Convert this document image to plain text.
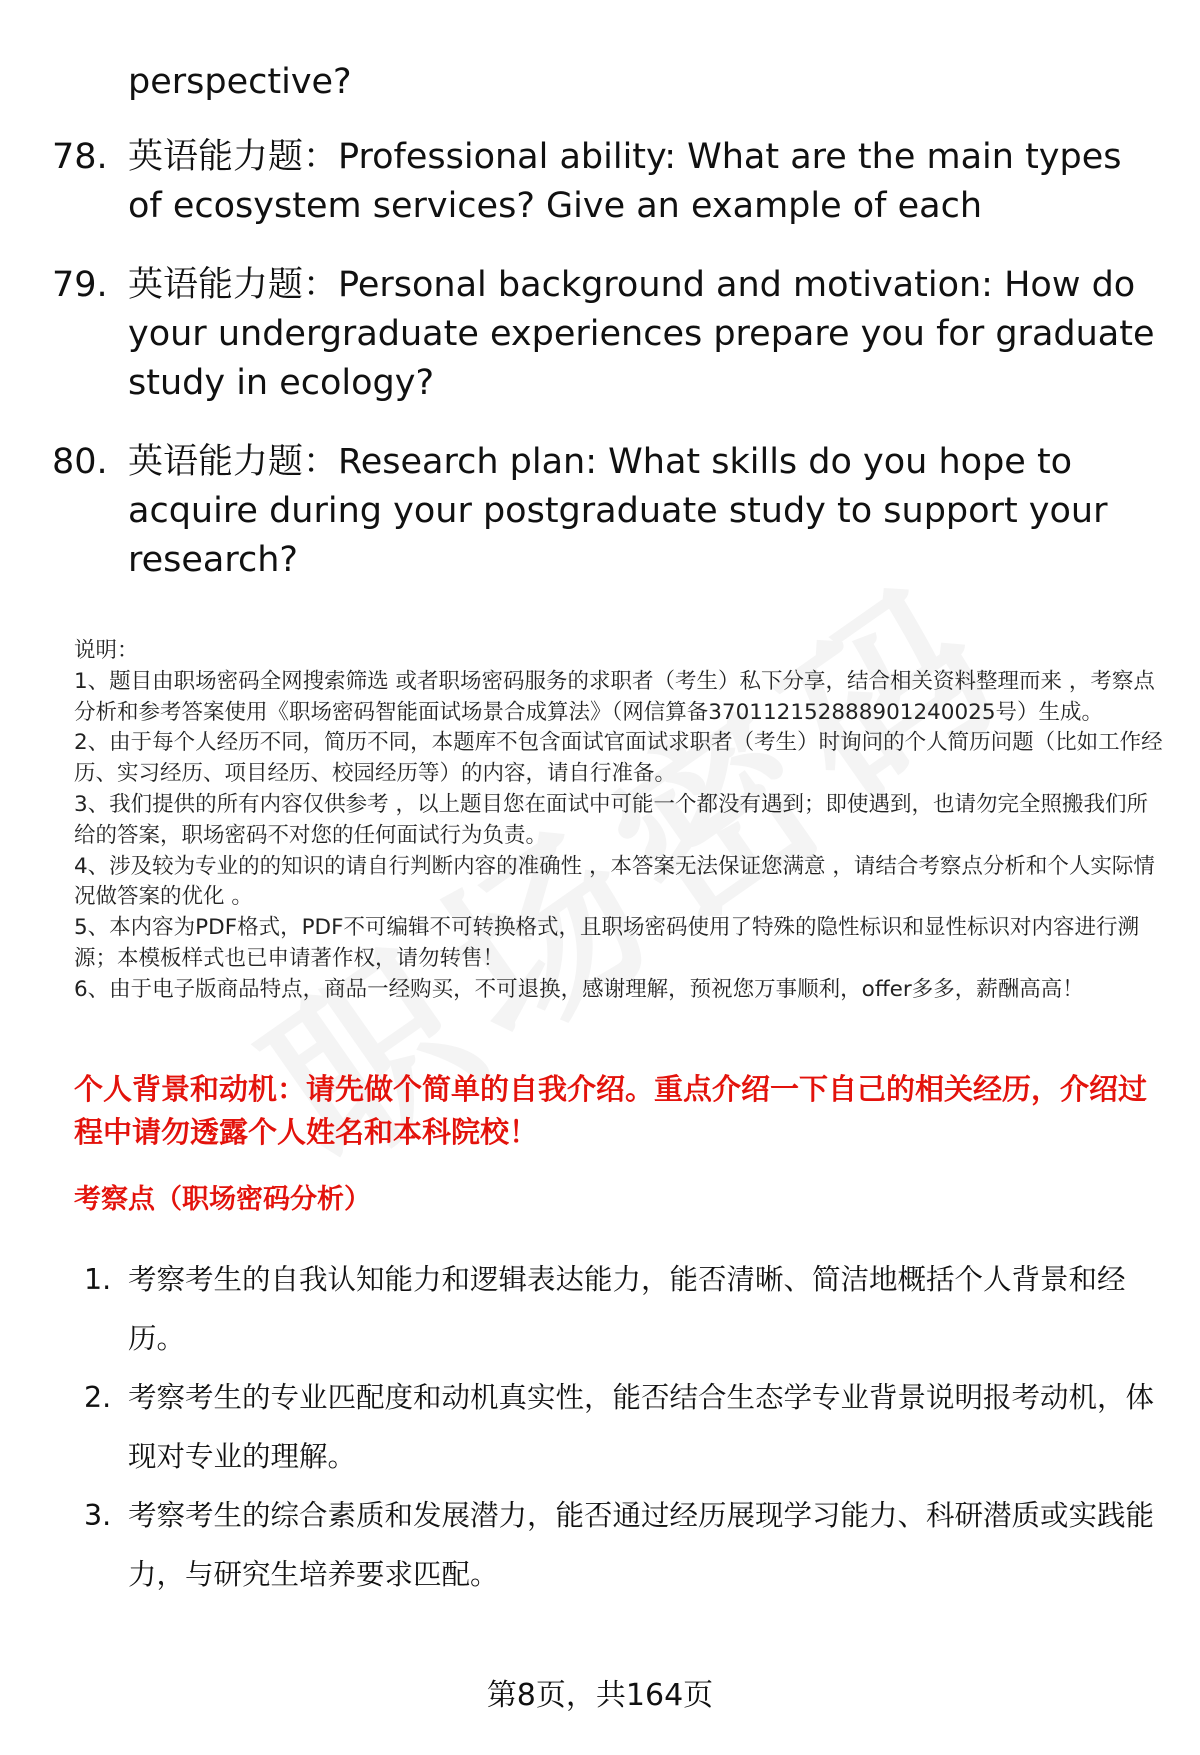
perspective?
78. 英语能力题：Professional ability: What are the main types of ecosystem services? Give an example of each
79. 英语能力题：Personal background and motivation: How do your undergraduate experiences prepare you for graduate study in ecology?
80. 英语能力题：Research plan: What skills do you hope to acquire during your postgraduate study to support your research?

说明：

1、题目由职场密码全网搜索筛选 或者职场密码服务的求职者（考生）私下分享，结合相关资料整理而来 ，考察点分析和参考答案使用《职场密码智能面试场景合成算法》（网信算备370112152888901240025号）生成。

2、由于每个人经历不同，简历不同，本题库不包含面试官面试求职者（考生）时询问的个人简历问题（比如工作经历、实习经历、项目经历、校园经历等）的内容，请自行准备。

3、我们提供的所有内容仅供参考 ，以上题目您在面试中可能一个都没有遇到；即使遇到，也请勿完全照搬我们所给的答案，职场密码不对您的任何面试行为负责。

4、涉及较为专业的的知识的请自行判断内容的准确性 ，本答案无法保证您满意 ，请结合考察点分析和个人实际情况做答案的优化 。

5、本内容为PDF格式，PDF不可编辑不可转换格式，且职场密码使用了特殊的隐性标识和显性标识对内容进行溯源；本模板样式也已申请著作权，请勿转售！

6、由于电子版商品特点，商品一经购买，不可退换，感谢理解，预祝您万事顺利，offer多多，薪酬高高！

个人背景和动机：请先做个简单的自我介绍。重点介绍一下自己的相关经历，介绍过程中请勿透露个人姓名和本科院校！
考察点（职场密码分析）
1. 考察考生的自我认知能力和逻辑表达能力，能否清晰、简洁地概括个人背景和经历。
2. 考察考生的专业匹配度和动机真实性，能否结合生态学专业背景说明报考动机，体现对专业的理解。
3. 考察考生的综合素质和发展潜力，能否通过经历展现学习能力、科研潜质或实践能力，与研究生培养要求匹配。
第8页，共164页
